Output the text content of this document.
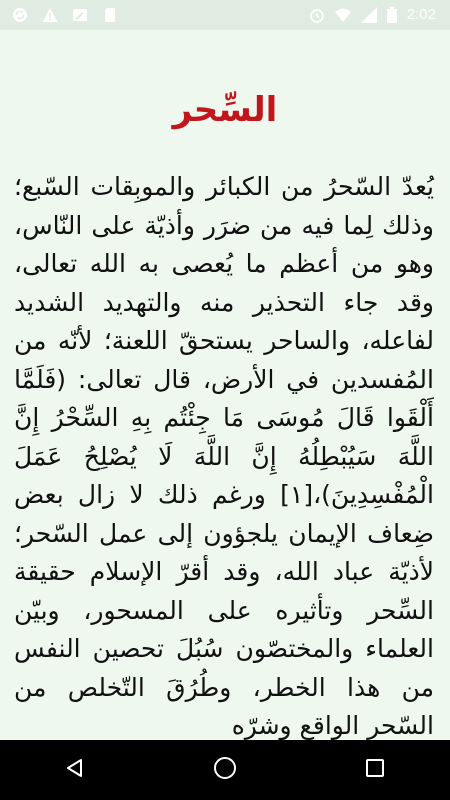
2:02
السِّحر
يُعدّ السّحرُ من الكبائر والموبِقات السّبع؛ وذلك لِما فيه من ضرَر وأذيّة على النّاس، وهو من أعظم ما يُعصى به الله تعالى، وقد جاء التحذير منه والتهديد الشديد لفاعله، والساحر يستحقّ اللعنة؛ لأنّه من المُفسدين في الأرض، قال تعالى: (فَلَمَّا أَلْقَوا قَالَ مُوسَى مَا جِئْتُم بِهِ السِّحْرُ إِنَّ اللَّهَ سَيُبْطِلُهُ إِنَّ اللَّهَ لَا يُصْلِحُ عَمَلَ الْمُفْسِدِينَ)،[١] ورغم ذلك لا زال بعض ضِعاف الإيمان يلجؤون إلى عمل السّحر؛ لأذيّة عباد الله، وقد أقرّ الإسلام حقيقة السِّحر وتأثيره على المسحور، وبيّن العلماء والمختصّون سُبُلَ تحصين النفس من هذا الخطر، وطُرُقَ التّخلص من السّحر الواقع وشرّه
